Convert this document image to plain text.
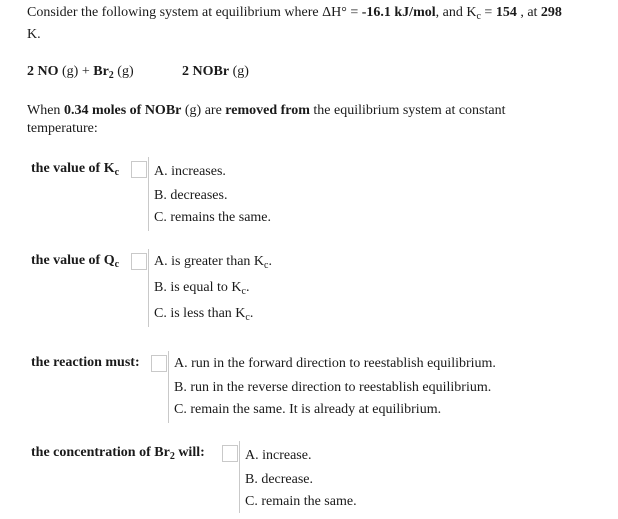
Consider the following system at equilibrium where ΔH° = -16.1 kJ/mol, and $K_c = 154$ , at 298
K.
2 NO $(g) + Br_2$ (g)	2 NOBr (g)
When 0.34 moles of NOBr (g) are removed from the equilibrium system at constant
temperature:
the value of $K_c$ A. increases.
B. decreases.
C. remains the same.
the value of $Q_c$ A. is greater than $K_c$.
B. is equal to $K_c$.
C. is less than $K_c$.
the reaction must: A. run in the forward direction to reestablish equilibrium.
B. run in the reverse direction to reestablish equilibrium.
C. remain the same. It is already at equilibrium.
the concentration of $Br_2$ will:	A. increase.
B. decrease.
C. remain the same.
